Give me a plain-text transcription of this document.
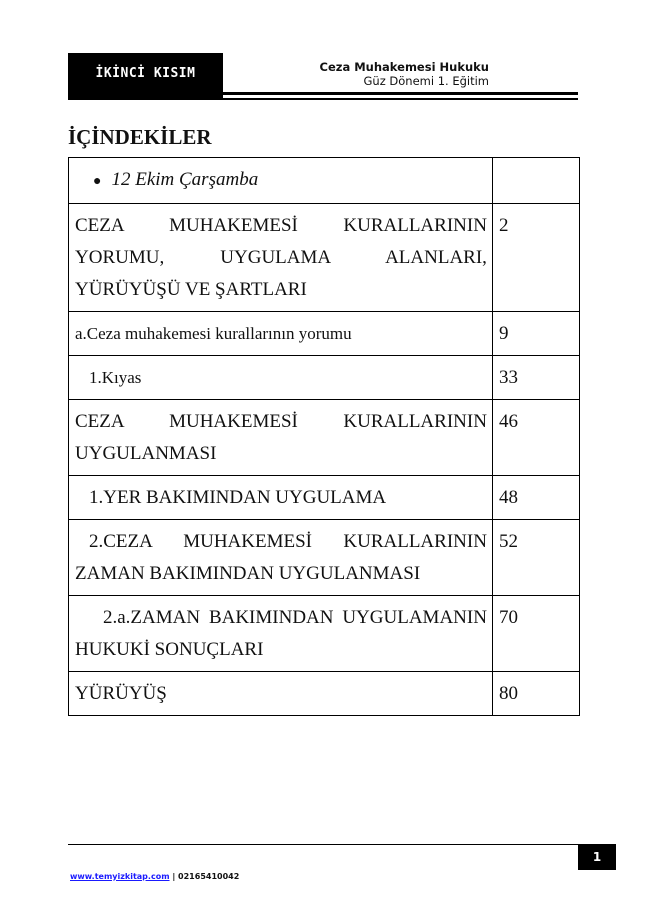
İKİNCİ KISIM	Ceza Muhakemesi Hukuku
Güz Dönemi 1. Eğitim
İÇİNDEKİLER
● 12 Ekim Çarşamba	
CEZA MUHAKEMESİ KURALLARININ YORUMU, UYGULAMA ALANLARI, YÜRÜYÜŞÜ VE ŞARTLARI	2
a.Ceza muhakemesi kurallarının yorumu	9
1.Kıyas	33
CEZA MUHAKEMESİ KURALLARININ UYGULANMASI	46
1.YER BAKIMINDAN UYGULAMA	48
2.CEZA MUHAKEMESİ KURALLARININ ZAMAN BAKIMINDAN UYGULANMASI	52
2.a.ZAMAN BAKIMINDAN UYGULAMANIN HUKUKİ SONUÇLARI	70
YÜRÜYÜŞ	80
1
www.temyizkitap.com | 02165410042
